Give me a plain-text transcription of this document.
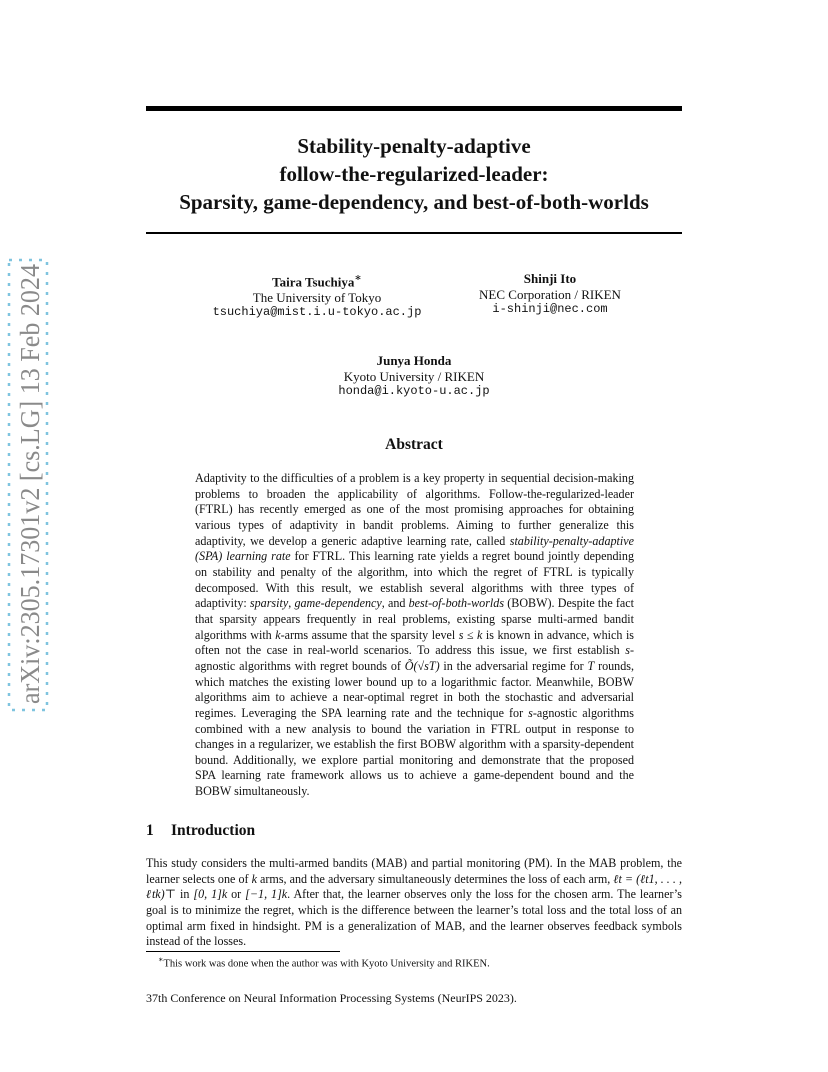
arXiv:2305.17301v2 [cs.LG] 13 Feb 2024
Stability-penalty-adaptive
follow-the-regularized-leader:
Sparsity, game-dependency, and best-of-both-worlds
Taira Tsuchiya∗
The University of Tokyo
tsuchiya@mist.i.u-tokyo.ac.jp
Shinji Ito
NEC Corporation / RIKEN
i-shinji@nec.com
Junya Honda
Kyoto University / RIKEN
honda@i.kyoto-u.ac.jp
Abstract

Adaptivity to the difficulties of a problem is a key property in sequential decision-making problems to broaden the applicability of algorithms. Follow-the-regularized-leader (FTRL) has recently emerged as one of the most promising approaches for obtaining various types of adaptivity in bandit problems. Aiming to further generalize this adaptivity, we develop a generic adaptive learning rate, called stability-penalty-adaptive (SPA) learning rate for FTRL. This learning rate yields a regret bound jointly depending on stability and penalty of the algorithm, into which the regret of FTRL is typically decomposed. With this result, we establish several algorithms with three types of adaptivity: sparsity, game-dependency, and best-of-both-worlds (BOBW). Despite the fact that sparsity appears frequently in real problems, existing sparse multi-armed bandit algorithms with k-arms assume that the sparsity level s ≤ k is known in advance, which is often not the case in real-world scenarios. To address this issue, we first establish s-agnostic algorithms with regret bounds of Õ(√sT) in the adversarial regime for T rounds, which matches the existing lower bound up to a logarithmic factor. Meanwhile, BOBW algorithms aim to achieve a near-optimal regret in both the stochastic and adversarial regimes. Leveraging the SPA learning rate and the technique for s-agnostic algorithms combined with a new analysis to bound the variation in FTRL output in response to changes in a regularizer, we establish the first BOBW algorithm with a sparsity-dependent bound. Additionally, we explore partial monitoring and demonstrate that the proposed SPA learning rate framework allows us to achieve a game-dependent bound and the BOBW simultaneously.

1 Introduction

This study considers the multi-armed bandits (MAB) and partial monitoring (PM). In the MAB problem, the learner selects one of k arms, and the adversary simultaneously determines the loss of each arm, ℓt = (ℓt1, . . . , ℓtk)⊤ in [0, 1]k or [−1, 1]k. After that, the learner observes only the loss for the chosen arm. The learner’s goal is to minimize the regret, which is the difference between the learner’s total loss and the total loss of an optimal arm fixed in hindsight. PM is a generalization of MAB, and the learner observes feedback symbols instead of the losses.

∗This work was done when the author was with Kyoto University and RIKEN.
37th Conference on Neural Information Processing Systems (NeurIPS 2023).
